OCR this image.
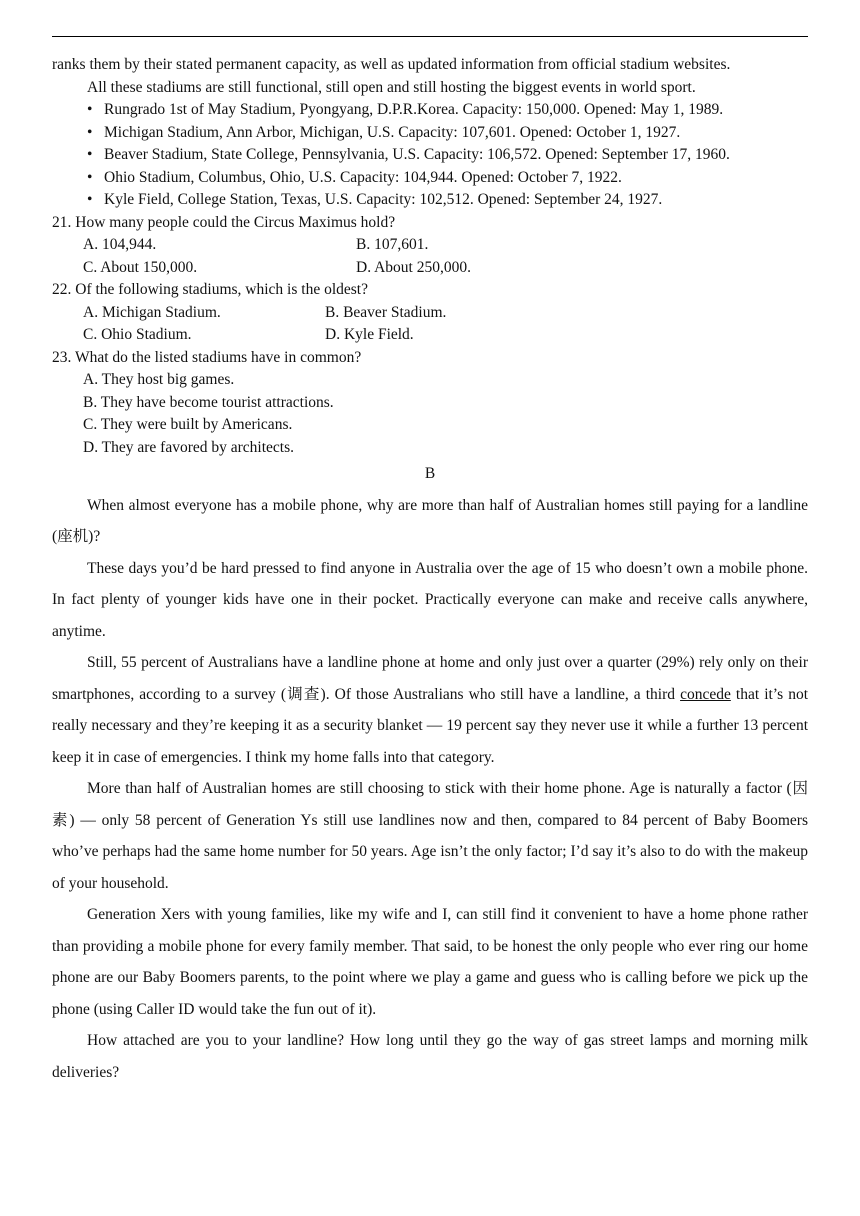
ranks them by their stated permanent capacity, as well as updated information from official stadium websites.

All these stadiums are still functional, still open and still hosting the biggest events in world sport.

• Rungrado 1st of May Stadium, Pyongyang, D.P.R.Korea. Capacity: 150,000. Opened: May 1, 1989.

• Michigan Stadium, Ann Arbor, Michigan, U.S. Capacity: 107,601. Opened: October 1, 1927.

• Beaver Stadium, State College, Pennsylvania, U.S. Capacity: 106,572. Opened: September 17, 1960.

• Ohio Stadium, Columbus, Ohio, U.S. Capacity: 104,944. Opened: October 7, 1922.

• Kyle Field, College Station, Texas, U.S. Capacity: 102,512. Opened: September 24, 1927.

21. How many people could the Circus Maximus hold?

A. 104,944.	B. 107,601.

C. About 150,000.	D. About 250,000.

22. Of the following stadiums, which is the oldest?

A. Michigan Stadium.	B. Beaver Stadium.

C. Ohio Stadium.	D. Kyle Field.

23. What do the listed stadiums have in common?

A. They host big games.

B. They have become tourist attractions.

C. They were built by Americans.

D. They are favored by architects.

B

When almost everyone has a mobile phone, why are more than half of Australian homes still paying for a landline (座机)?

These days you’d be hard pressed to find anyone in Australia over the age of 15 who doesn’t own a mobile phone. In fact plenty of younger kids have one in their pocket. Practically everyone can make and receive calls anywhere, anytime.

Still, 55 percent of Australians have a landline phone at home and only just over a quarter (29%) rely only on their smartphones, according to a survey (调查). Of those Australians who still have a landline, a third concede that it’s not really necessary and they’re keeping it as a security blanket — 19 percent say they never use it while a further 13 percent keep it in case of emergencies. I think my home falls into that category.

More than half of Australian homes are still choosing to stick with their home phone. Age is naturally a factor (因素) — only 58 percent of Generation Ys still use landlines now and then, compared to 84 percent of Baby Boomers who’ve perhaps had the same home number for 50 years. Age isn’t the only factor; I’d say it’s also to do with the makeup of your household.

Generation Xers with young families, like my wife and I, can still find it convenient to have a home phone rather than providing a mobile phone for every family member. That said, to be honest the only people who ever ring our home phone are our Baby Boomers parents, to the point where we play a game and guess who is calling before we pick up the phone (using Caller ID would take the fun out of it).

How attached are you to your landline? How long until they go the way of gas street lamps and morning milk deliveries?
